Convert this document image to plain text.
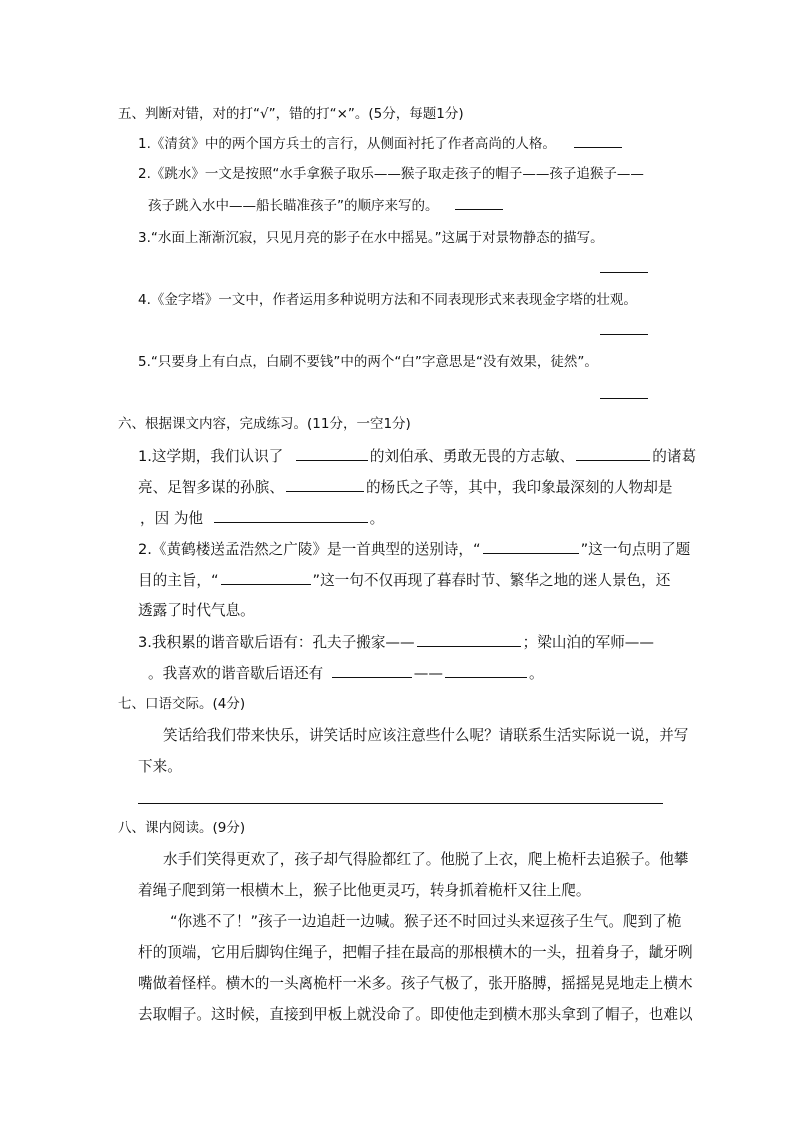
五、判断对错，对的打“√”，错的打“×”。(5分，每题1分)
1.《清贫》中的两个国方兵士的言行，从侧面衬托了作者高尚的人格。
2.《跳水》一文是按照“水手拿猴子取乐——猴子取走孩子的帽子——孩子追猴子——
孩子跳入水中——船长瞄准孩子”的顺序来写的。
3.“水面上渐渐沉寂，只见月亮的影子在水中摇晃。”这属于对景物静态的描写。
4.《金字塔》一文中，作者运用多种说明方法和不同表现形式来表现金字塔的壮观。
5.“只要身上有白点，白刷不要钱”中的两个“白”字意思是“没有效果，徒然”。
六、根据课文内容，完成练习。(11分，一空1分)
1.这学期，我们认识了	的刘伯承、勇敢无畏的方志敏、	的诸葛
亮、足智多谋的孙膑、	的杨氏之子等，其中，我印象最深刻的人物却是
，因 为他	。
2.《黄鹤楼送孟浩然之广陵》是一首典型的送别诗，“	”这一句点明了题
目的主旨，“	”这一句不仅再现了暮春时节、繁华之地的迷人景色，还
透露了时代气息。
3.我积累的谐音歇后语有：孔夫子搬家——	；梁山泊的军师——
。我喜欢的谐音歇后语还有	——	。
七、口语交际。(4分)
笑话给我们带来快乐，讲笑话时应该注意些什么呢？请联系生活实际说一说，并写
下来。
八、课内阅读。(9分)
水手们笑得更欢了，孩子却气得脸都红了。他脱了上衣，爬上桅杆去追猴子。他攀
着绳子爬到第一根横木上，猴子比他更灵巧，转身抓着桅杆又往上爬。
“你逃不了！”孩子一边追赶一边喊。猴子还不时回过头来逗孩子生气。爬到了桅
杆的顶端，它用后脚钩住绳子，把帽子挂在最高的那根横木的一头，扭着身子，龇牙咧
嘴做着怪样。横木的一头离桅杆一米多。孩子气极了，张开胳膊，摇摇晃晃地走上横木
去取帽子。这时候，直接到甲板上就没命了。即使他走到横木那头拿到了帽子，也难以
